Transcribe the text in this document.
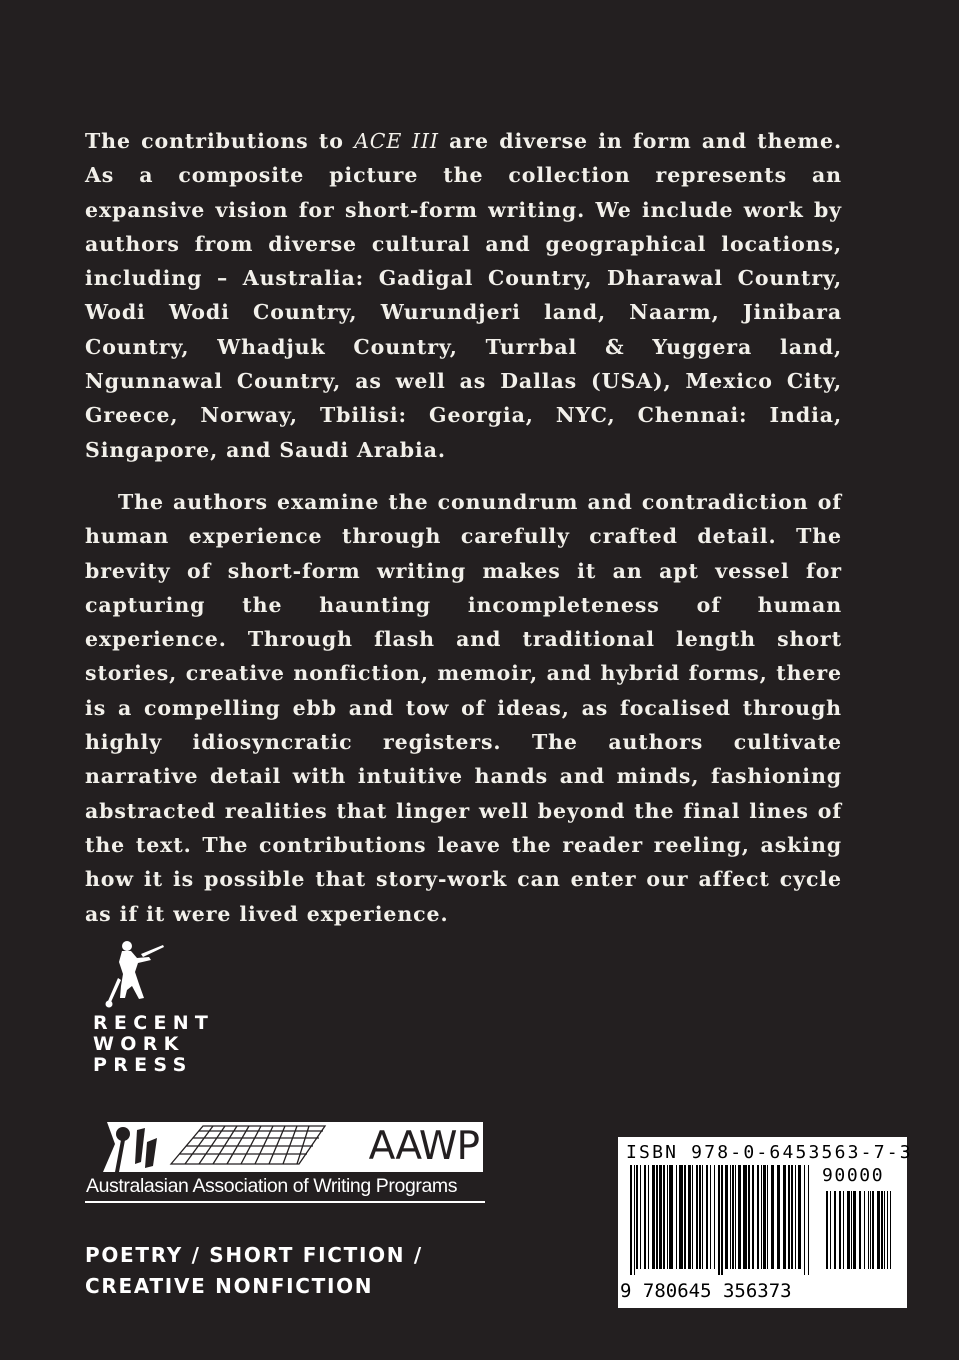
The contributions to ACE III are diverse in form and theme. As a composite picture the collection represents an expansive vision for short-form writing. We include work by authors from diverse cultural and geographical locations, including – Australia: Gadigal Country, Dharawal Country, Wodi Wodi Country, Wurundjeri land, Naarm, Jinibara Country, Whadjuk Country, Turrbal & Yuggera land, Ngunnawal Country, as well as Dallas (USA), Mexico City, Greece, Norway, Tbilisi: Georgia, NYC, Chennai: India, Singapore, and Saudi Arabia.

The authors examine the conundrum and contradiction of human experience through carefully crafted detail. The brevity of short-form writing makes it an apt vessel for capturing the haunting incompleteness of human experience. Through flash and traditional length short stories, creative nonfiction, memoir, and hybrid forms, there is a compelling ebb and tow of ideas, as focalised through highly idiosyncratic registers. The authors cultivate narrative detail with intuitive hands and minds, fashioning abstracted realities that linger well beyond the final lines of the text. The contributions leave the reader reeling, asking how it is possible that story-work can enter our affect cycle as if it were lived experience.

RECENT
WORK
PRESS
AAWP
Australasian Association of Writing Programs
POETRY / SHORT FICTION /
CREATIVE NONFICTION
ISBN 978-0-6453563-7-3
90000
9 780645 356373
